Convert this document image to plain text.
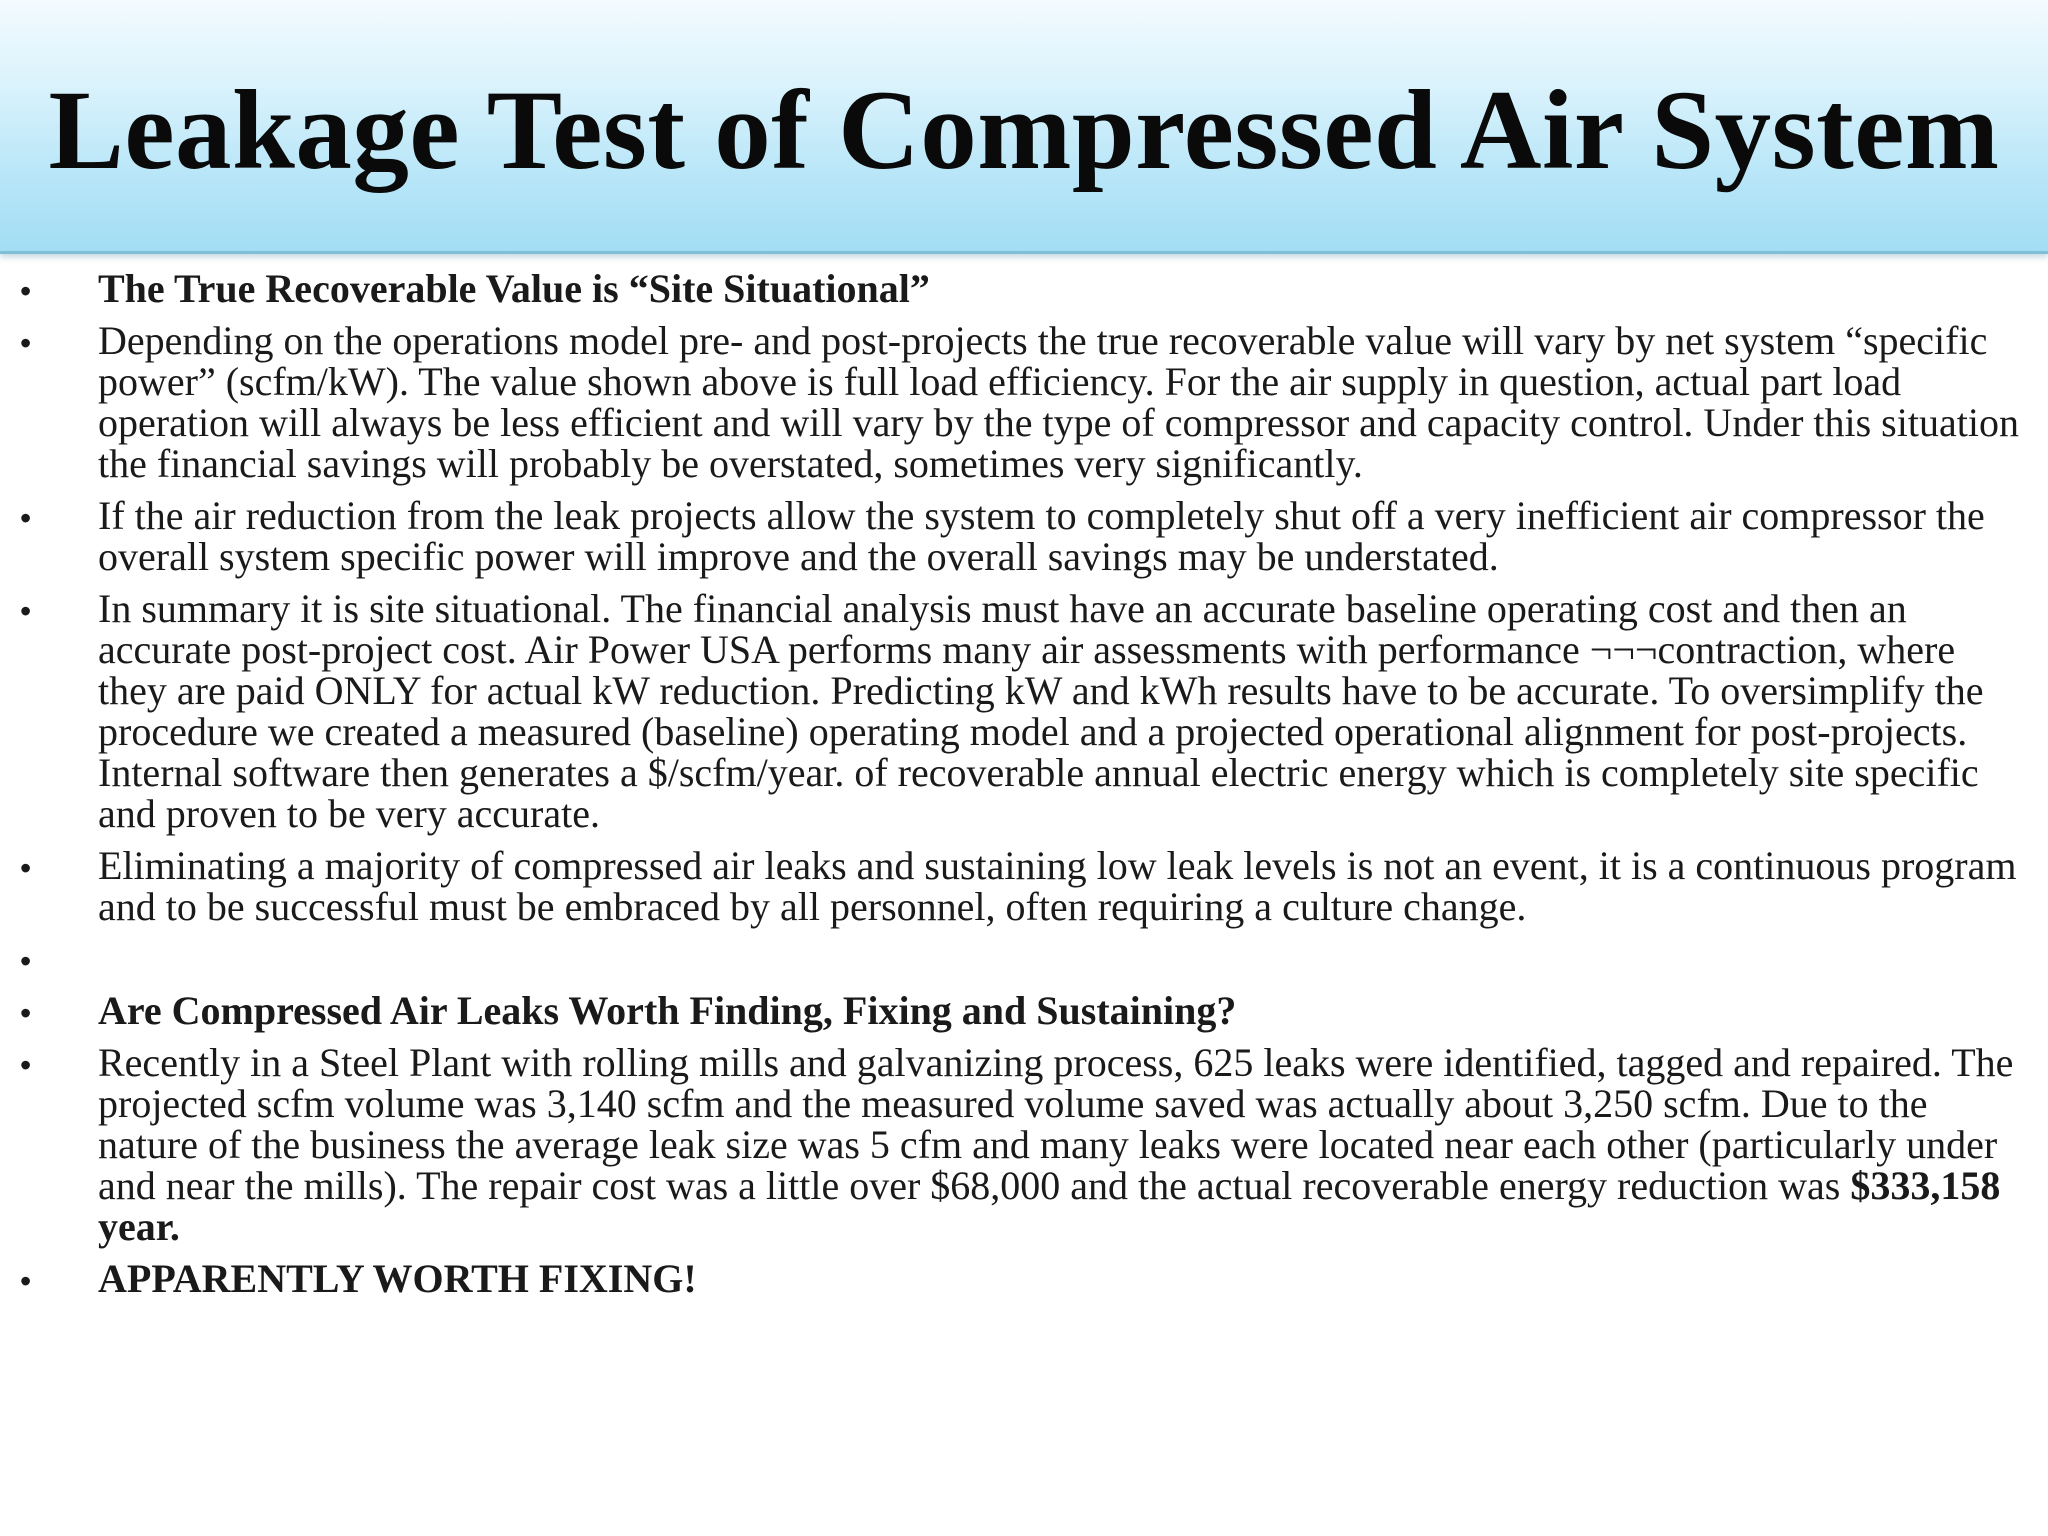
Leakage Test of Compressed Air System
• The True Recoverable Value is “Site Situational”
• Depending on the operations model pre- and post-projects the true recoverable value will vary by net system “specific power” (scfm/kW). The value shown above is full load efficiency. For the air supply in question, actual part load operation will always be less efficient and will vary by the type of compressor and capacity control. Under this situation the financial savings will probably be overstated, sometimes very significantly.
• If the air reduction from the leak projects allow the system to completely shut off a very inefficient air compressor the overall system specific power will improve and the overall savings may be understated.
• In summary it is site situational. The financial analysis must have an accurate baseline operating cost and then an accurate post-project cost. Air Power USA performs many air assessments with performance ¬¬¬contraction, where they are paid ONLY for actual kW reduction. Predicting kW and kWh results have to be accurate. To oversimplify the procedure we created a measured (baseline) operating model and a projected operational alignment for post-projects. Internal software then generates a $/scfm/year. of recoverable annual electric energy which is completely site specific and proven to be very accurate.
• Eliminating a majority of compressed air leaks and sustaining low leak levels is not an event, it is a continuous program and to be successful must be embraced by all personnel, often requiring a culture change.
•
• Are Compressed Air Leaks Worth Finding, Fixing and Sustaining?
• Recently in a Steel Plant with rolling mills and galvanizing process, 625 leaks were identified, tagged and repaired. The projected scfm volume was 3,140 scfm and the measured volume saved was actually about 3,250 scfm. Due to the nature of the business the average leak size was 5 cfm and many leaks were located near each other (particularly under and near the mills). The repair cost was a little over $68,000 and the actual recoverable energy reduction was $333,158 year.
• APPARENTLY WORTH FIXING!
